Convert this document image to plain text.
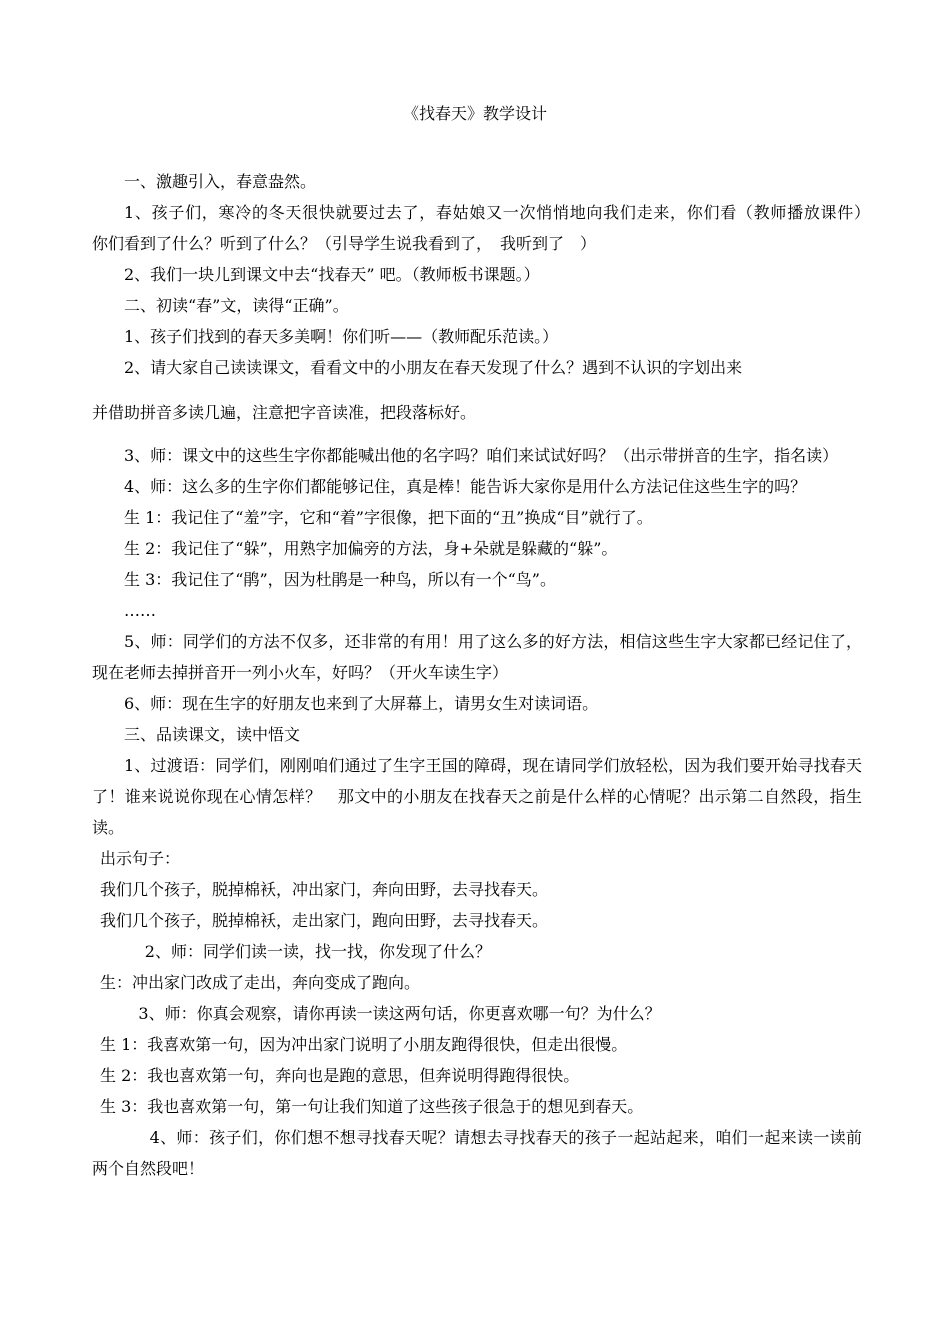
《找春天》教学设计

一、激趣引入，春意盎然。

1、孩子们，寒冷的冬天很快就要过去了，春姑娘又一次悄悄地向我们走来，你们看（教师播放课件）　 你们看到了什么？听到了什么？（引导学生说我看到了，　我听到了　）

2、我们一块儿到课文中去“找春天” 吧。（教师板书课题。）

二、初读“春”文，读得“正确”。

1、孩子们找到的春天多美啊！你们听——（教师配乐范读。）

2、请大家自己读读课文，看看文中的小朋友在春天发现了什么？遇到不认识的字划出来

并借助拼音多读几遍，注意把字音读准，把段落标好。

3、师：课文中的这些生字你都能喊出他的名字吗？咱们来试试好吗？（出示带拼音的生字，指名读）

4、师：这么多的生字你们都能够记住，真是棒！能告诉大家你是用什么方法记住这些生字的吗？

生 1：我记住了“羞”字，它和“着”字很像，把下面的“丑”换成“目”就行了。

生 2：我记住了“躲”，用熟字加偏旁的方法，身+朵就是躲藏的“躲”。

生 3：我记住了“鹃”，因为杜鹃是一种鸟，所以有一个“鸟”。

……

5、师：同学们的方法不仅多，还非常的有用！用了这么多的好方法，相信这些生字大家都已经记住了，现在老师去掉拼音开一列小火车，好吗？（开火车读生字）

6、师：现在生字的好朋友也来到了大屏幕上，请男女生对读词语。

三、品读课文，读中悟文

1、过渡语：同学们，刚刚咱们通过了生字王国的障碍，现在请同学们放轻松，因为我们要开始寻找春天了！谁来说说你现在心情怎样？　那文中的小朋友在找春天之前是什么样的心情呢？出示第二自然段，指生读。

出示句子：

我们几个孩子，脱掉棉袄，冲出家门，奔向田野，去寻找春天。

我们几个孩子，脱掉棉袄，走出家门，跑向田野，去寻找春天。

2、师：同学们读一读，找一找，你发现了什么？

生：冲出家门改成了走出，奔向变成了跑向。

3、师：你真会观察，请你再读一读这两句话，你更喜欢哪一句？为什么？

生 1：我喜欢第一句，因为冲出家门说明了小朋友跑得很快，但走出很慢。

生 2：我也喜欢第一句，奔向也是跑的意思，但奔说明得跑得很快。

生 3：我也喜欢第一句，第一句让我们知道了这些孩子很急于的想见到春天。

4、师：孩子们，你们想不想寻找春天呢？请想去寻找春天的孩子一起站起来，咱们一起来读一读前两个自然段吧！
